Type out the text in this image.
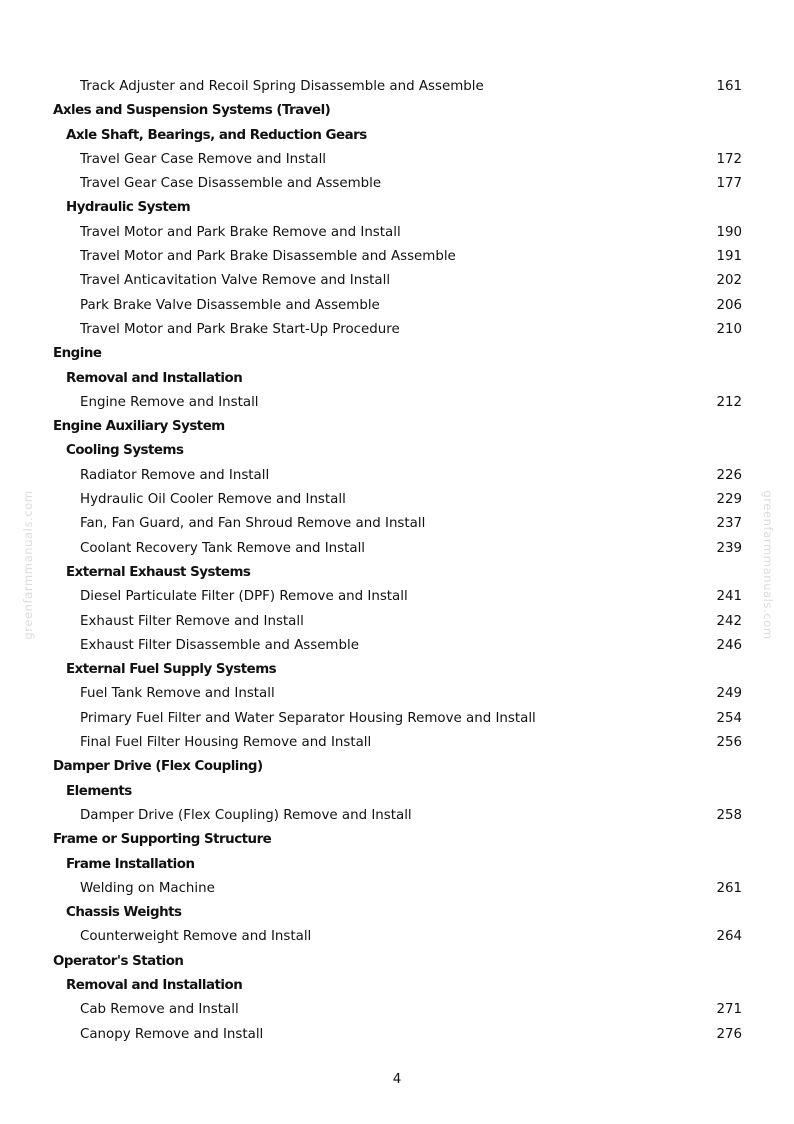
Track Adjuster and Recoil Spring Disassemble and Assemble	161
Axles and Suspension Systems (Travel)
Axle Shaft, Bearings, and Reduction Gears
Travel Gear Case Remove and Install	172
Travel Gear Case Disassemble and Assemble	177
Hydraulic System
Travel Motor and Park Brake Remove and Install	190
Travel Motor and Park Brake Disassemble and Assemble	191
Travel Anticavitation Valve Remove and Install	202
Park Brake Valve Disassemble and Assemble	206
Travel Motor and Park Brake Start-Up Procedure	210
Engine
Removal and Installation
Engine Remove and Install	212
Engine Auxiliary System
Cooling Systems
Radiator Remove and Install	226
Hydraulic Oil Cooler Remove and Install	229
Fan, Fan Guard, and Fan Shroud Remove and Install	237
Coolant Recovery Tank Remove and Install	239
External Exhaust Systems
Diesel Particulate Filter (DPF) Remove and Install	241
Exhaust Filter Remove and Install	242
Exhaust Filter Disassemble and Assemble	246
External Fuel Supply Systems
Fuel Tank Remove and Install	249
Primary Fuel Filter and Water Separator Housing Remove and Install	254
Final Fuel Filter Housing Remove and Install	256
Damper Drive (Flex Coupling)
Elements
Damper Drive (Flex Coupling) Remove and Install	258
Frame or Supporting Structure
Frame Installation
Welding on Machine	261
Chassis Weights
Counterweight Remove and Install	264
Operator's Station
Removal and Installation
Cab Remove and Install	271
Canopy Remove and Install	276
4
greenfarmmanuals.com	greenfarmmanuals.com
